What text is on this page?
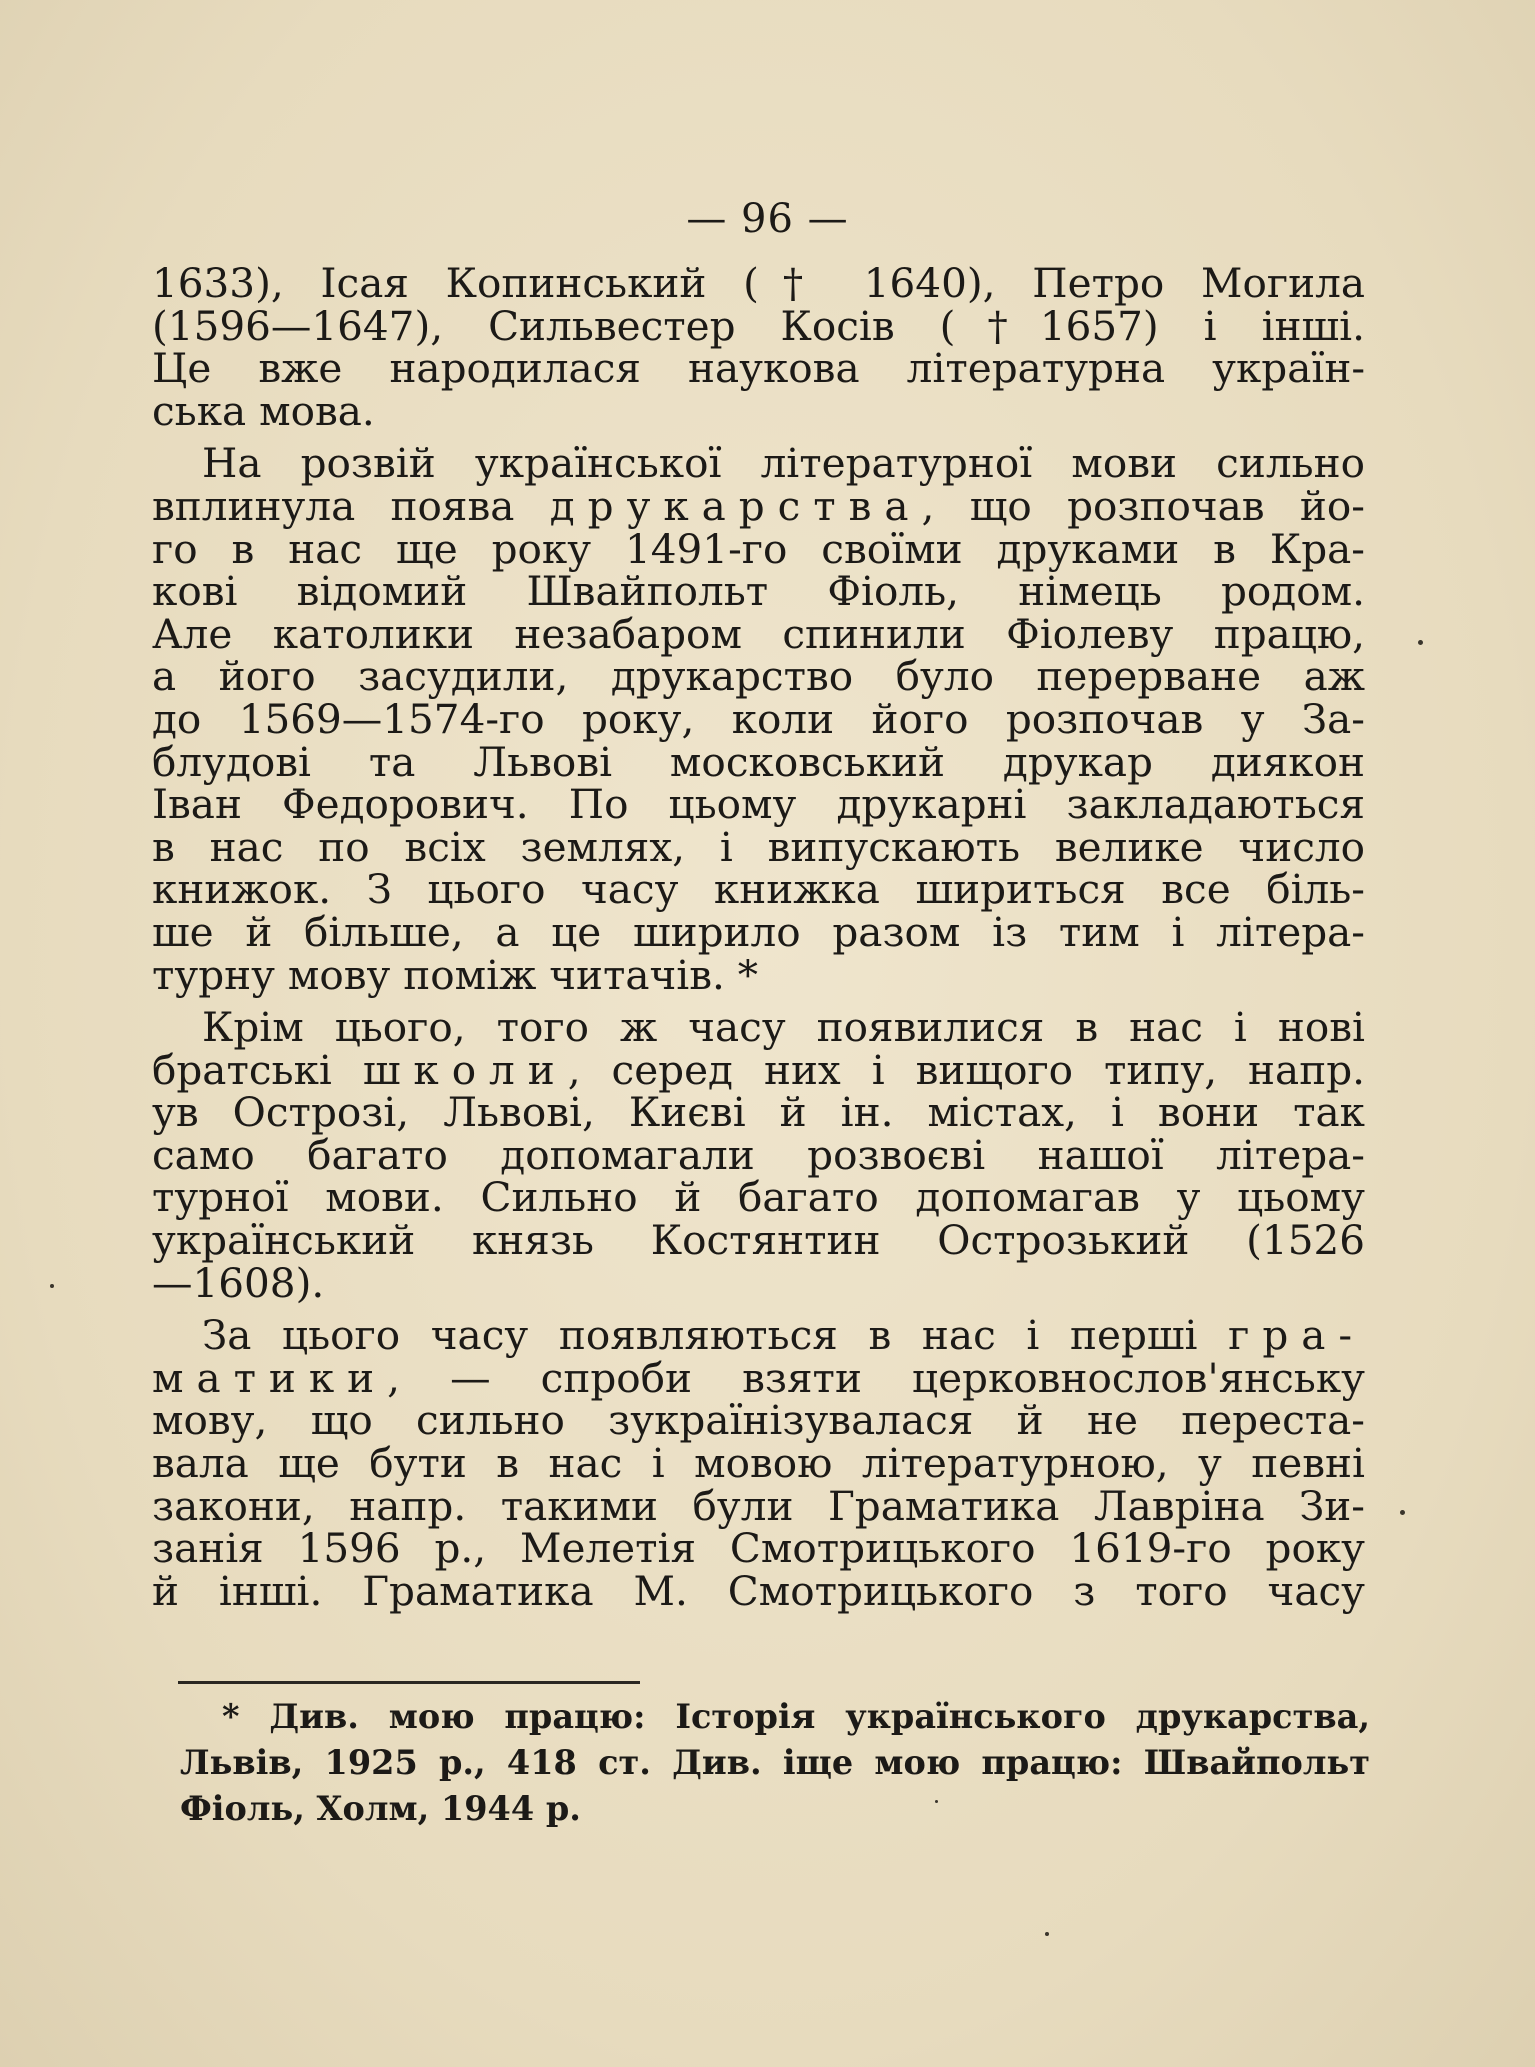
— 96 —
1633), Ісая Копинський († 1640), Петро Могила
(1596—1647), Сильвестер Косів (†1657) і інші.
Це вже народилася наукова літературна україн-
ська мова.
На розвій української літературної мови сильно
вплинула поява друкарства, що розпочав йо-
го в нас ще року 1491-го своїми друками в Кра-
кові відомий Швайпольт Фіоль, німець родом.
Але католики незабаром спинили Фіолеву працю,
а його засудили, друкарство було перерване аж
до 1569—1574-го року, коли його розпочав у За-
блудові та Львові московський друкар диякон
Іван Федорович. По цьому друкарні закладаються
в нас по всіх землях, і випускають велике число
книжок. З цього часу книжка шириться все біль-
ше й більше, а це ширило разом із тим і літера-
турну мову поміж читачів. *
Крім цього, того ж часу появилися в нас і нові
братські школи, серед них і вищого типу, напр.
ув Острозі, Львові, Києві й ін. містах, і вони так
само багато допомагали розвоєві нашої літера-
турної мови. Сильно й багато допомагав у цьому
український князь Костянтин Острозький (1526
—1608).
За цього часу появляються в нас і перші гра-
матики, — спроби взяти церковнослов'янську
мову, що сильно зукраїнізувалася й не переста-
вала ще бути в нас і мовою літературною, у певні
закони, напр. такими були Граматика Лавріна Зи-
занія 1596 р., Мелетія Смотрицького 1619-го року
й інші. Граматика М. Смотрицького з того часу
* Див. мою працю: Історія українського друкарства,
Львів, 1925 р., 418 ст. Див. іще мою працю: Швайпольт
Фіоль, Холм, 1944 р.
